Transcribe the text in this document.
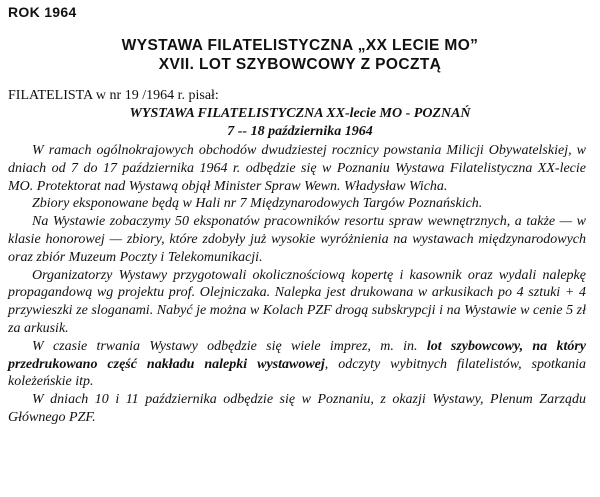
ROK 1964
WYSTAWA FILATELISTYCZNA „XX LECIE MO”
XVII. LOT SZYBOWCOWY Z POCZTĄ
FILATELISTA w nr 19 /1964 r. pisał:
WYSTAWA FILATELISTYCZNA XX-lecie MO - POZNAŃ
7 -- 18 października 1964

W ramach ogólnokrajowych obchodów dwudziestej rocznicy powstania Milicji Obywatelskiej, w dniach od 7 do 17 października 1964 r. odbędzie się w Poznaniu Wystawa Filatelistyczna XX-lecie MO. Protektorat nad Wystawą objął Minister Spraw Wewn. Władysław Wicha.

Zbiory eksponowane będą w Hali nr 7 Międzynarodowych Targów Poznańskich.

Na Wystawie zobaczymy 50 eksponatów pracowników resortu spraw wewnętrznych, a także — w klasie honorowej — zbiory, które zdobyły już wysokie wyróżnienia na wystawach międzynarodowych oraz zbiór Muzeum Poczty i Telekomunikacji.

Organizatorzy Wystawy przygotowali okolicznościową kopertę i kasownik oraz wydali nalepkę propagandową wg projektu prof. Olejniczaka. Nalepka jest drukowana w arkusikach po 4 sztuki + 4 przywieszki ze sloganami. Nabyć je można w Kolach PZF drogą subskrypcji i na Wystawie w cenie 5 zł za arkusik.

W czasie trwania Wystawy odbędzie się wiele imprez, m. in. lot szybowcowy, na który przedrukowano część nakładu nalepki wystawowej, odczyty wybitnych filatelistów, spotkania koleżeńskie itp.

W dniach 10 i 11 października odbędzie się w Poznaniu, z okazji Wystawy, Plenum Zarządu Głównego PZF.
